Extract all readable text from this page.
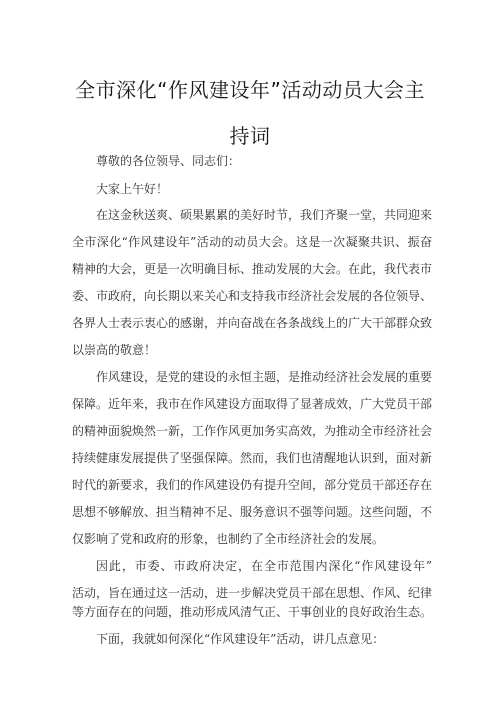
全市深化“作风建设年”活动动员大会主
持词
尊敬的各位领导、同志们：
大家上午好！
在这金秋送爽、硕果累累的美好时节，我们齐聚一堂，共同迎来
全市深化“作风建设年”活动的动员大会。这是一次凝聚共识、振奋
精神的大会，更是一次明确目标、推动发展的大会。在此，我代表市
委、市政府，向长期以来关心和支持我市经济社会发展的各位领导、
各界人士表示衷心的感谢，并向奋战在各条战线上的广大干部群众致
以崇高的敬意！
作风建设，是党的建设的永恒主题，是推动经济社会发展的重要
保障。近年来，我市在作风建设方面取得了显著成效，广大党员干部
的精神面貌焕然一新，工作作风更加务实高效，为推动全市经济社会
持续健康发展提供了坚强保障。然而，我们也清醒地认识到，面对新
时代的新要求，我们的作风建设仍有提升空间，部分党员干部还存在
思想不够解放、担当精神不足、服务意识不强等问题。这些问题，不
仅影响了党和政府的形象，也制约了全市经济社会的发展。
因此，市委、市政府决定，在全市范围内深化“作风建设年”
活动，旨在通过这一活动，进一步解决党员干部在思想、作风、纪律
等方面存在的问题，推动形成风清气正、干事创业的良好政治生态。
下面，我就如何深化“作风建设年”活动，讲几点意见：
